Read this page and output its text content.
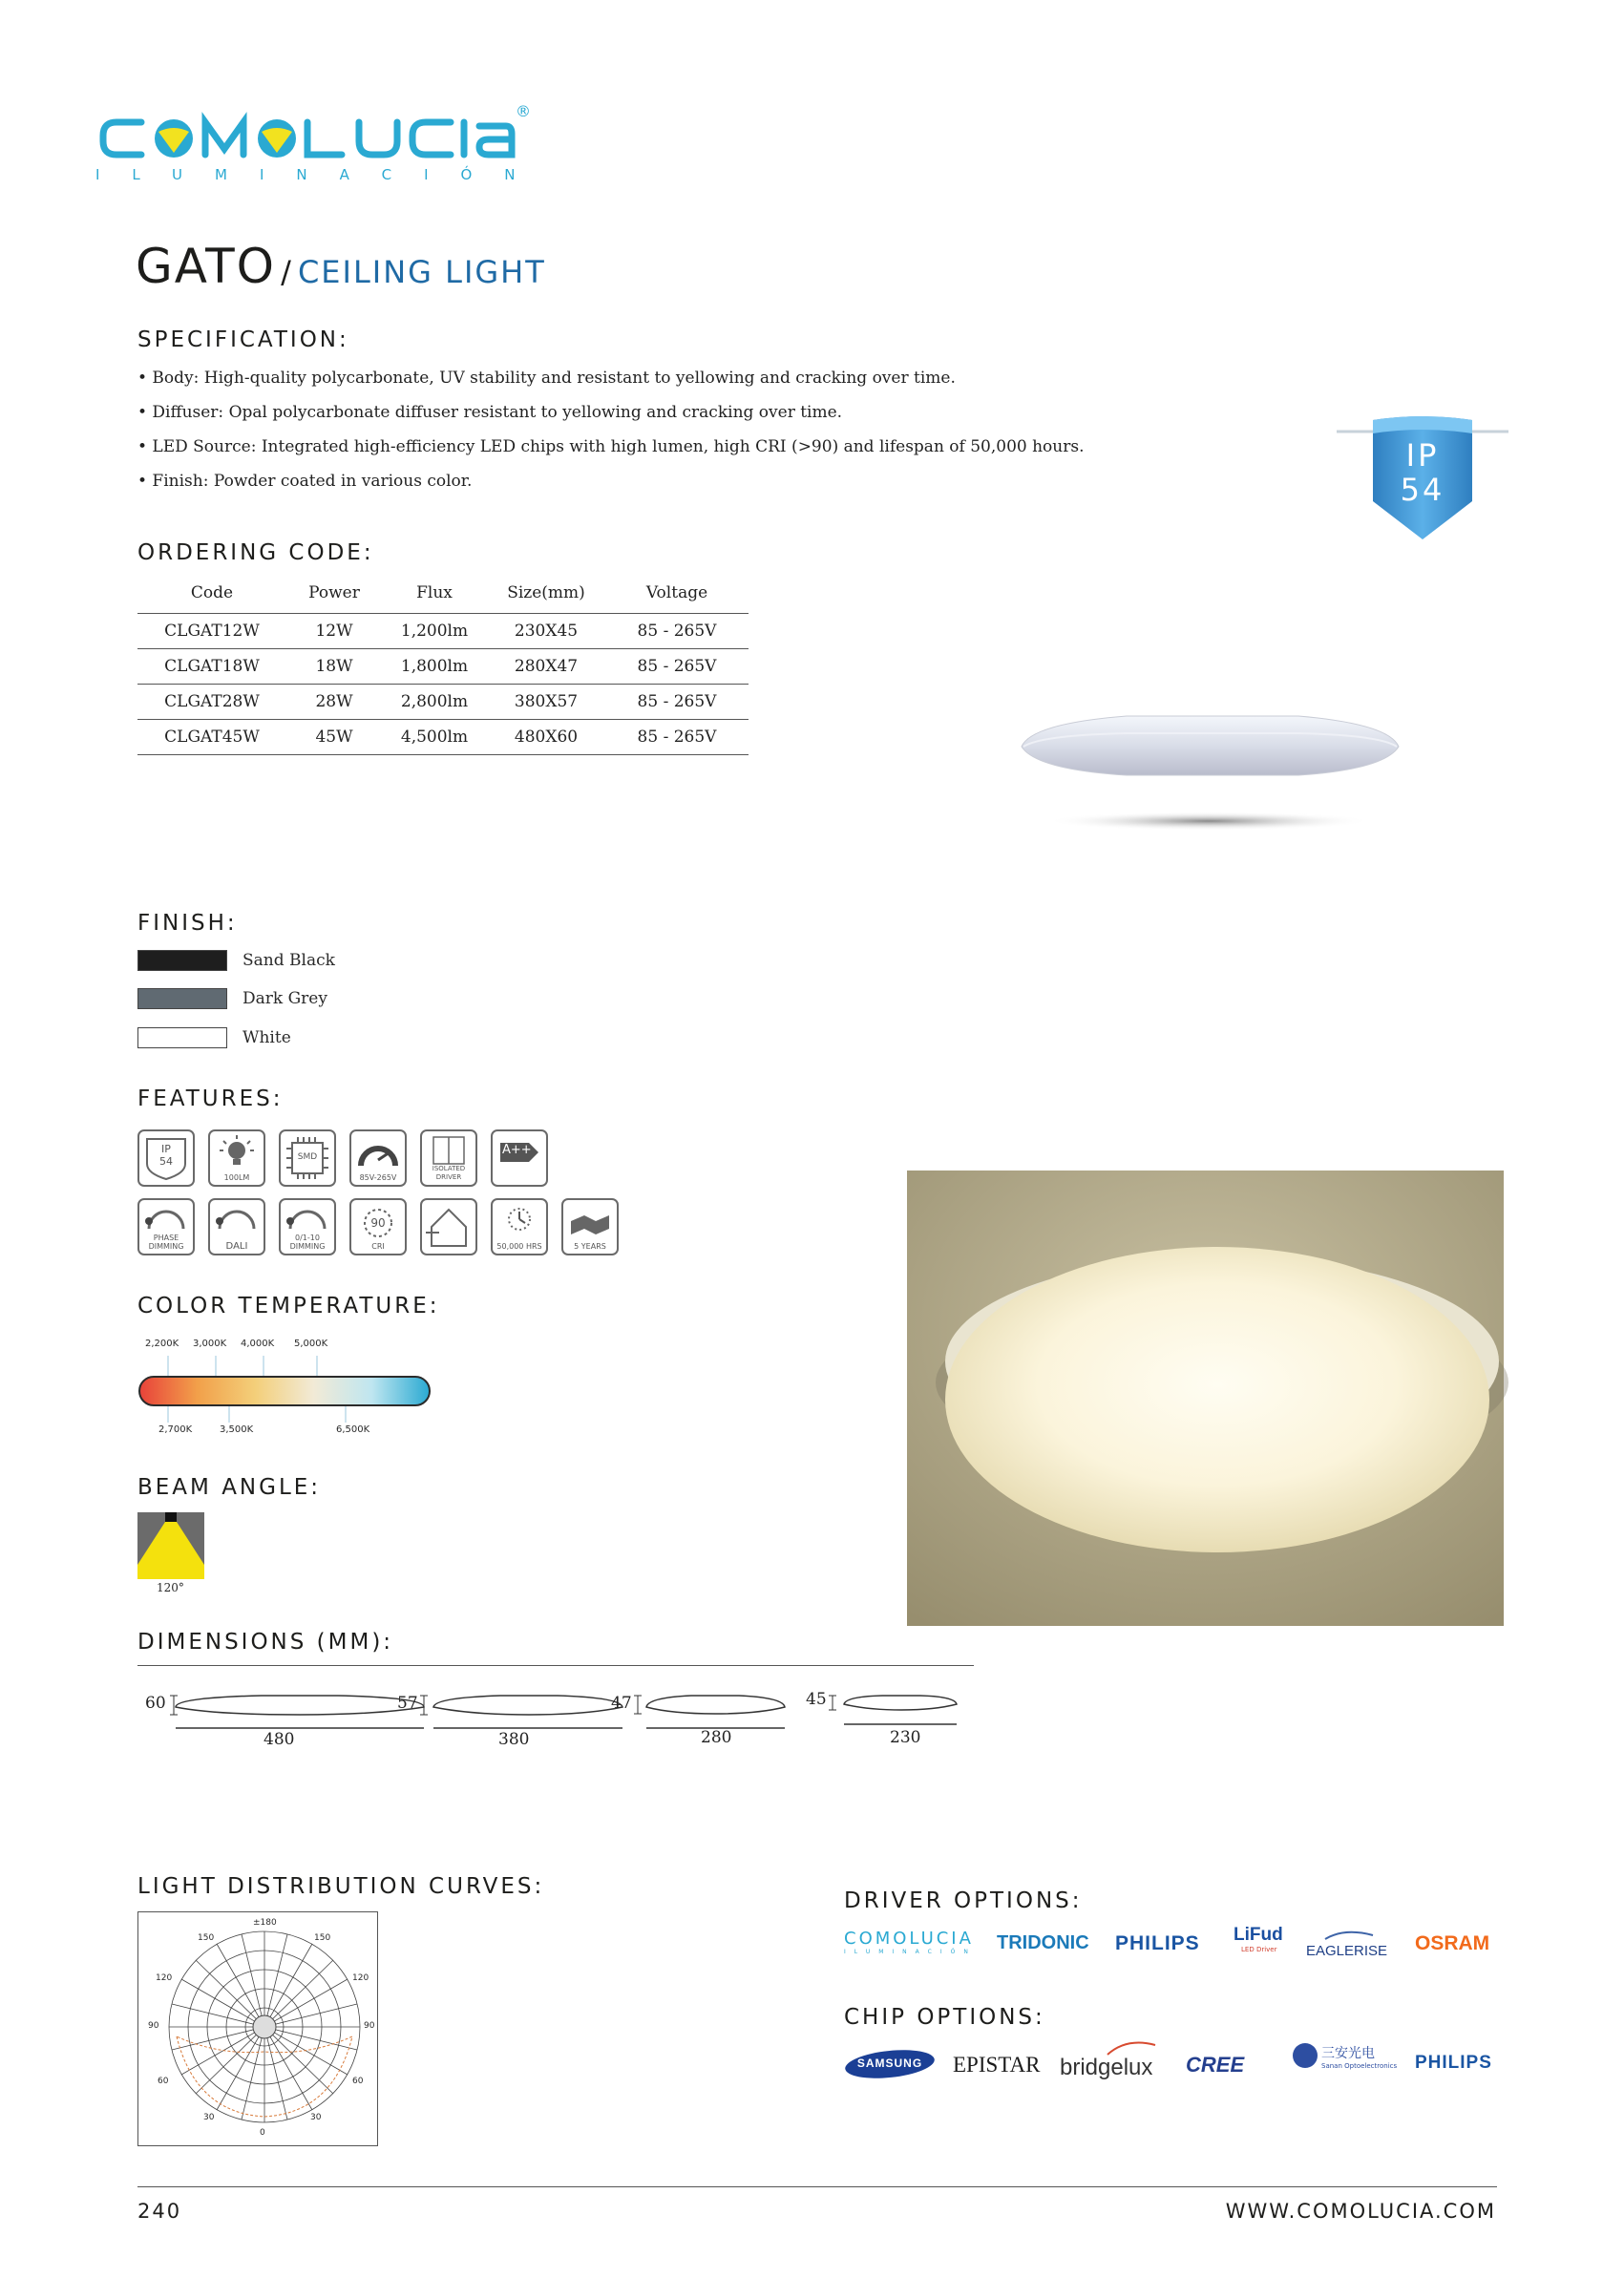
®
ILUMINACIÓN
GATO / CEILING LIGHT
SPECIFICATION:
• Body: High-quality polycarbonate, UV stability and resistant to yellowing and cracking over time.
• Diffuser: Opal polycarbonate diffuser resistant to yellowing and cracking over time.
• LED Source: Integrated high-efficiency LED chips with high lumen, high CRI (>90) and lifespan of 50,000 hours.
• Finish: Powder coated in various color.
IP
54
ORDERING CODE:
Code	Power	Flux	Size(mm)	Voltage
CLGAT12W	12W	1,200lm	230X45	85 - 265V
CLGAT18W	18W	1,800lm	280X47	85 - 265V
CLGAT28W	28W	2,800lm	380X57	85 - 265V
CLGAT45W	45W	4,500lm	480X60	85 - 265V
FINISH:
Sand Black
Dark Grey
White
FEATURES:
IP
54
100LM
SMD
85V-265V
ISOLATED DRIVER
A++
PHASE DIMMING	DALI
0/1-10 DIMMING
90
CRI	50,000 HRS	5 YEARS
COLOR TEMPERATURE:
2,200K 3,000K 4,000K 5,000K
2,700K	3,500K	6,500K
BEAM ANGLE:
120°
DIMENSIONS (MM):
60
480
57
380
47
280
45
230
LIGHT DISTRIBUTION CURVES:
±180
150	150
120	120
90	90
60	60
30	30
0
DRIVER OPTIONS:
COMOLUCIA
ILUMINACIÓN TRIDONIC PHILIPS LiFud
LED Driver	EAGLERISE OSRAM
CHIP OPTIONS:
SAMSUNG	EPISTAR bridgelux CREE	三安光电
Sanan Optoelectronics PHILIPS
240	WWW.COMOLUCIA.COM
